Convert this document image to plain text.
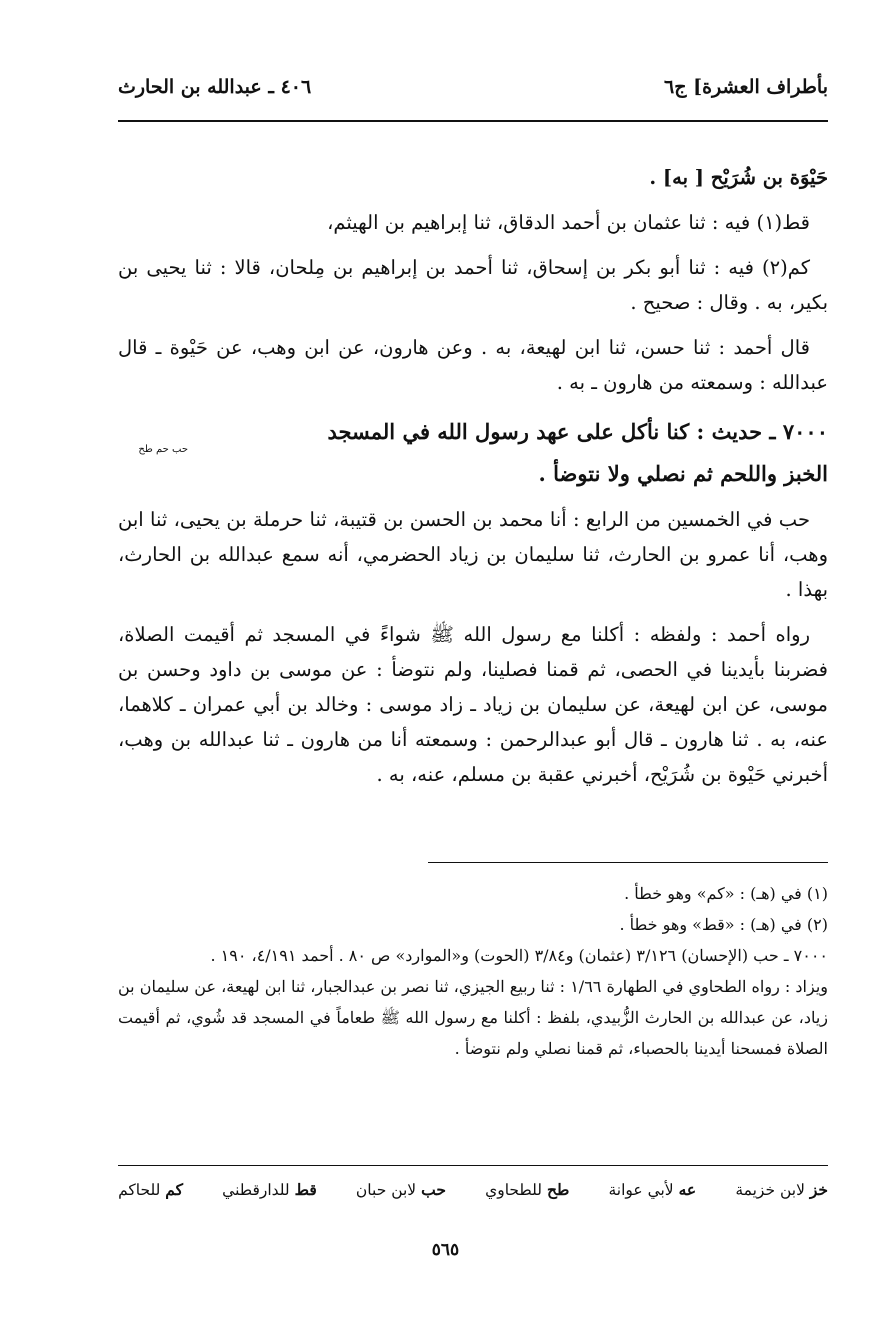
بأطراف العشرة] ج٦
٤٠٦ ـ عبدالله بن الحارث

حَيْوَة بن شُرَيْح [ به] .

قط(١) فيه : ثنا عثمان بن أحمد الدقاق، ثنا إبراهيم بن الهيثم،

كم(٢) فيه : ثنا أبو بكر بن إسحاق، ثنا أحمد بن إبراهيم بن مِلحان، قالا : ثنا يحيى بن بكير، به . وقال : صحيح .

قال أحمد : ثنا حسن، ثنا ابن لهيعة، به . وعن هارون، عن ابن وهب، عن حَيْوة ـ قال عبدالله : وسمعته من هارون ـ به .

٧٠٠٠ ـ حديث : كنا نأكل على عهد رسول الله في المسجد
حب حم طح
الخبز واللحم ثم نصلي ولا نتوضأ .

حب في الخمسين من الرابع : أنا محمد بن الحسن بن قتيبة، ثنا حرملة بن يحيى، ثنا ابن وهب، أنا عمرو بن الحارث، ثنا سليمان بن زياد الحضرمي، أنه سمع عبدالله بن الحارث، بهذا .

رواه أحمد : ولفظه : أكلنا مع رسول الله ﷺ شواءً في المسجد ثم أقيمت الصلاة، فضربنا بأيدينا في الحصى، ثم قمنا فصلينا، ولم نتوضأ : عن موسى بن داود وحسن بن موسى، عن ابن لهيعة، عن سليمان بن زياد ـ زاد موسى : وخالد بن أبي عمران ـ كلاهما، عنه، به . ثنا هارون ـ قال أبو عبدالرحمن : وسمعته أنا من هارون ـ ثنا عبدالله بن وهب، أخبرني حَيْوة بن شُرَيْح، أخبرني عقبة بن مسلم، عنه، به .

(١) في (هـ) : «كم» وهو خطأ .

(٢) في (هـ) : «قط» وهو خطأ .

٧٠٠٠ ـ حب (الإحسان) ٣/١٢٦ (عثمان) و٣/٨٤ (الحوت) و«الموارد» ص ٨٠ . أحمد ٤/١٩١، ١٩٠ .

ويزاد : رواه الطحاوي في الطهارة ١/٦٦ : ثنا ربيع الجيزي، ثنا نصر بن عبدالجبار، ثنا ابن لهيعة، عن سليمان بن زياد، عن عبدالله بن الحارث الزُّبيدي، بلفظ : أكلنا مع رسول الله ﷺ طعاماً في المسجد قد شُوي، ثم أقيمت الصلاة فمسحنا أيدينا بالحصباء، ثم قمنا نصلي ولم نتوضأ .

خز لابن خزيمة
عه لأبي عوانة
طح للطحاوي
حب لابن حبان
قط للدارقطني
كم للحاكم
٥٦٥
